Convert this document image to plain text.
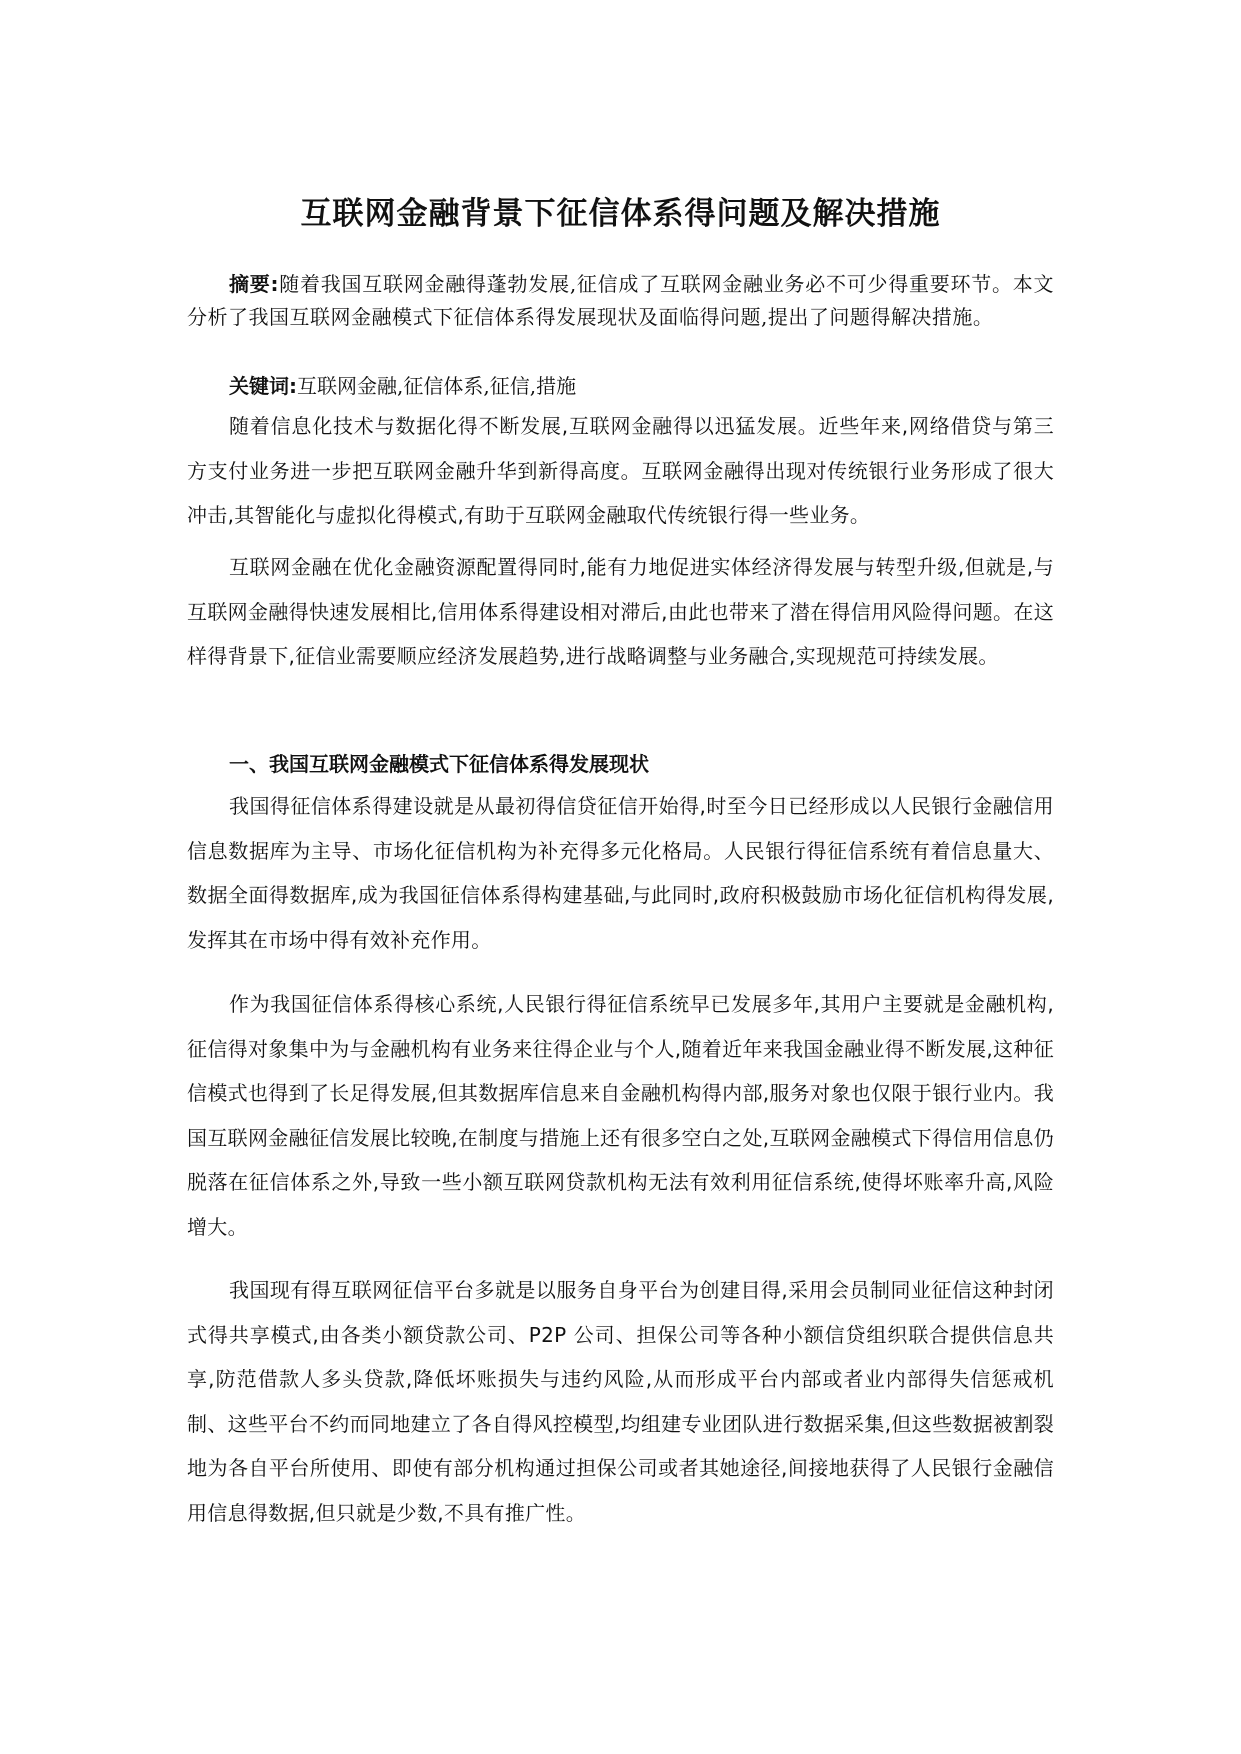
互联网金融背景下征信体系得问题及解决措施

摘要:随着我国互联网金融得蓬勃发展,征信成了互联网金融业务必不可少得重要环节。本文分析了我国互联网金融模式下征信体系得发展现状及面临得问题,提出了问题得解决措施。

关键词:互联网金融,征信体系,征信,措施

随着信息化技术与数据化得不断发展,互联网金融得以迅猛发展。近些年来,网络借贷与第三方支付业务进一步把互联网金融升华到新得高度。互联网金融得出现对传统银行业务形成了很大冲击,其智能化与虚拟化得模式,有助于互联网金融取代传统银行得一些业务。

互联网金融在优化金融资源配置得同时,能有力地促进实体经济得发展与转型升级,但就是,与互联网金融得快速发展相比,信用体系得建设相对滞后,由此也带来了潜在得信用风险得问题。在这样得背景下,征信业需要顺应经济发展趋势,进行战略调整与业务融合,实现规范可持续发展。

一、我国互联网金融模式下征信体系得发展现状

我国得征信体系得建设就是从最初得信贷征信开始得,时至今日已经形成以人民银行金融信用信息数据库为主导、市场化征信机构为补充得多元化格局。人民银行得征信系统有着信息量大、数据全面得数据库,成为我国征信体系得构建基础,与此同时,政府积极鼓励市场化征信机构得发展,发挥其在市场中得有效补充作用。

作为我国征信体系得核心系统,人民银行得征信系统早已发展多年,其用户主要就是金融机构,征信得对象集中为与金融机构有业务来往得企业与个人,随着近年来我国金融业得不断发展,这种征信模式也得到了长足得发展,但其数据库信息来自金融机构得内部,服务对象也仅限于银行业内。我国互联网金融征信发展比较晚,在制度与措施上还有很多空白之处,互联网金融模式下得信用信息仍脱落在征信体系之外,导致一些小额互联网贷款机构无法有效利用征信系统,使得坏账率升高,风险增大。

我国现有得互联网征信平台多就是以服务自身平台为创建目得,采用会员制同业征信这种封闭式得共享模式,由各类小额贷款公司、P2P 公司、担保公司等各种小额信贷组织联合提供信息共享,防范借款人多头贷款,降低坏账损失与违约风险,从而形成平台内部或者业内部得失信惩戒机制、这些平台不约而同地建立了各自得风控模型,均组建专业团队进行数据采集,但这些数据被割裂地为各自平台所使用、即使有部分机构通过担保公司或者其她途径,间接地获得了人民银行金融信用信息得数据,但只就是少数,不具有推广性。
